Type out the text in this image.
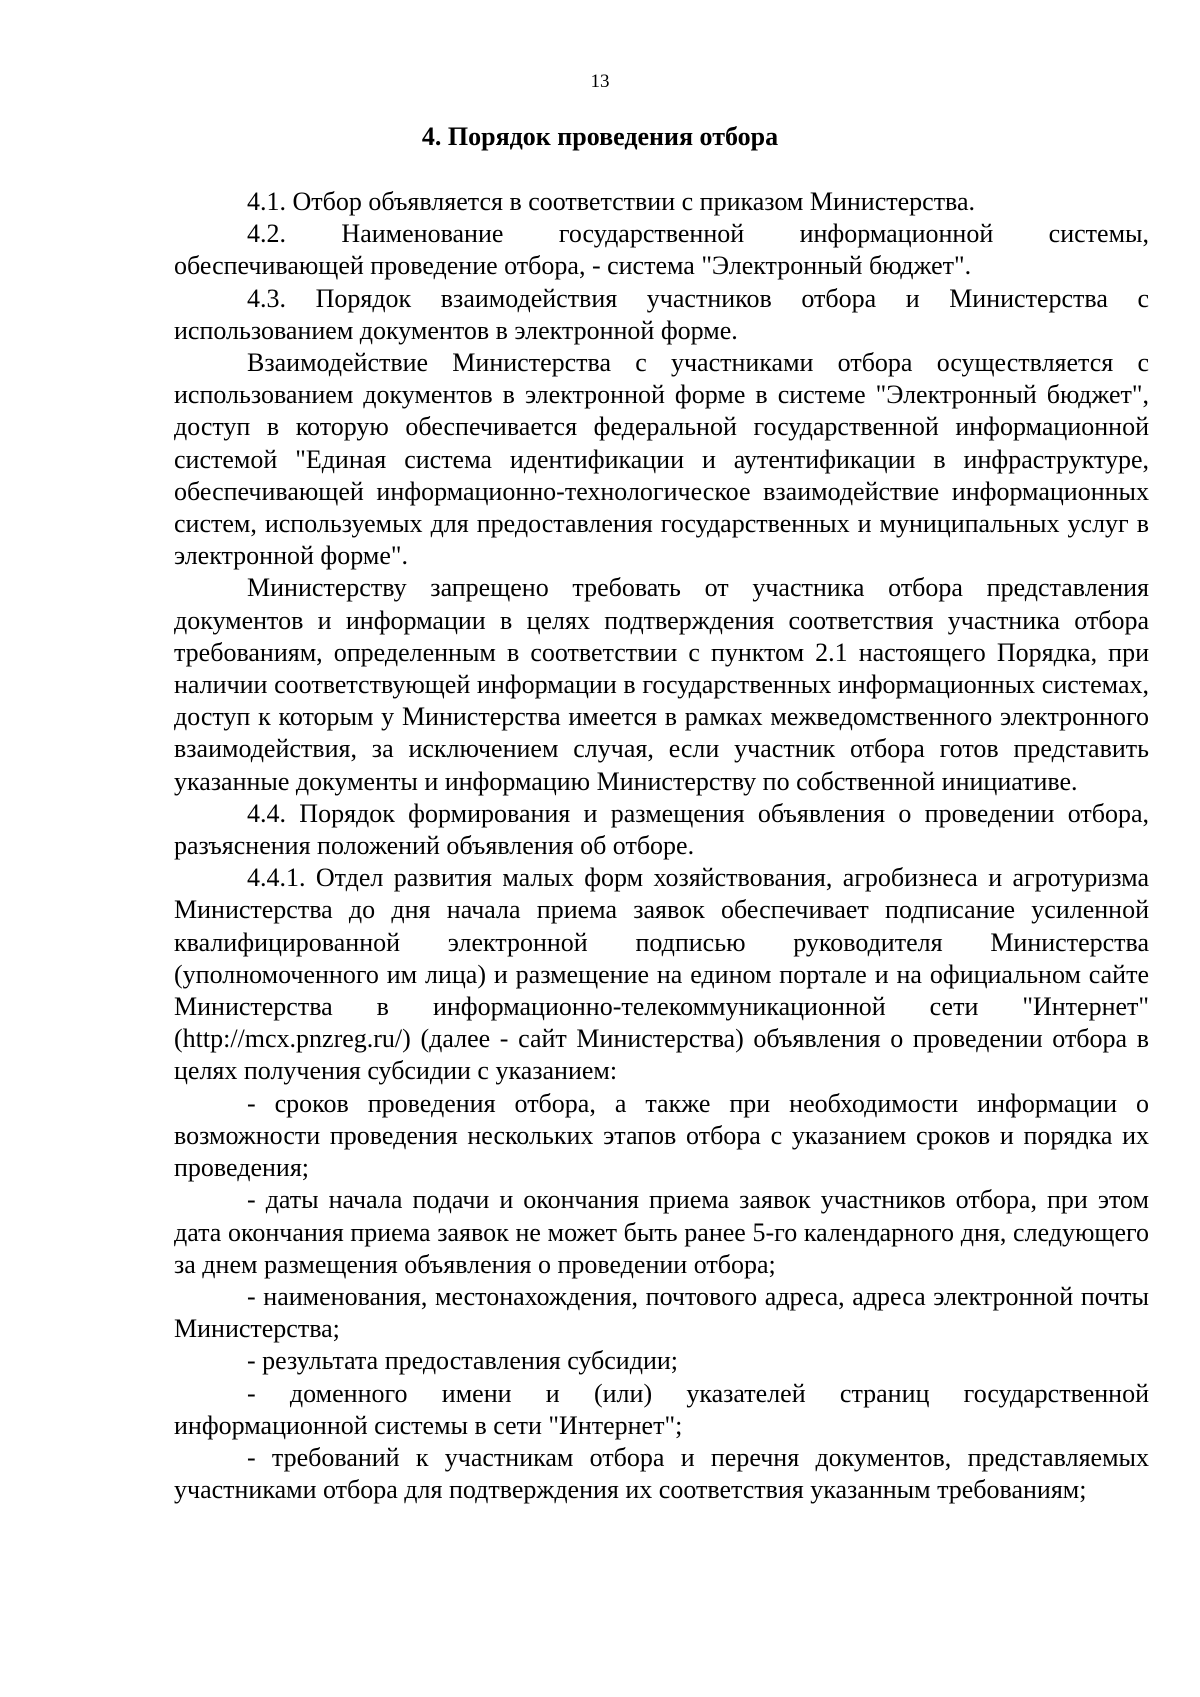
13
4. Порядок проведения отбора

4.1. Отбор объявляется в соответствии с приказом Министерства.

4.2. Наименование государственной информационной системы, обеспечивающей проведение отбора, - система "Электронный бюджет".

4.3. Порядок взаимодействия участников отбора и Министерства с использованием документов в электронной форме.

Взаимодействие Министерства с участниками отбора осуществляется с использованием документов в электронной форме в системе "Электронный бюджет", доступ в которую обеспечивается федеральной государственной информационной системой "Единая система идентификации и аутентификации в инфраструктуре, обеспечивающей информационно-технологическое взаимодействие информационных систем, используемых для предоставления государственных и муниципальных услуг в электронной форме".

Министерству запрещено требовать от участника отбора представления документов и информации в целях подтверждения соответствия участника отбора требованиям, определенным в соответствии с пунктом 2.1 настоящего Порядка, при наличии соответствующей информации в государственных информационных системах, доступ к которым у Министерства имеется в рамках межведомственного электронного взаимодействия, за исключением случая, если участник отбора готов представить указанные документы и информацию Министерству по собственной инициативе.

4.4. Порядок формирования и размещения объявления о проведении отбора, разъяснения положений объявления об отборе.

4.4.1. Отдел развития малых форм хозяйствования, агробизнеса и агротуризма Министерства до дня начала приема заявок обеспечивает подписание усиленной квалифицированной электронной подписью руководителя Министерства (уполномоченного им лица) и размещение на едином портале и на официальном сайте Министерства в информационно-телекоммуникационной сети "Интернет" (http://mcx.pnzreg.ru/) (далее - сайт Министерства) объявления о проведении отбора в целях получения субсидии с указанием:

- сроков проведения отбора, а также при необходимости информации о возможности проведения нескольких этапов отбора с указанием сроков и порядка их проведения;

- даты начала подачи и окончания приема заявок участников отбора, при этом дата окончания приема заявок не может быть ранее 5-го календарного дня, следующего за днем размещения объявления о проведении отбора;

- наименования, местонахождения, почтового адреса, адреса электронной почты Министерства;

- результата предоставления субсидии;

- доменного имени и (или) указателей страниц государственной информационной системы в сети "Интернет";

- требований к участникам отбора и перечня документов, представляемых участниками отбора для подтверждения их соответствия указанным требованиям;
